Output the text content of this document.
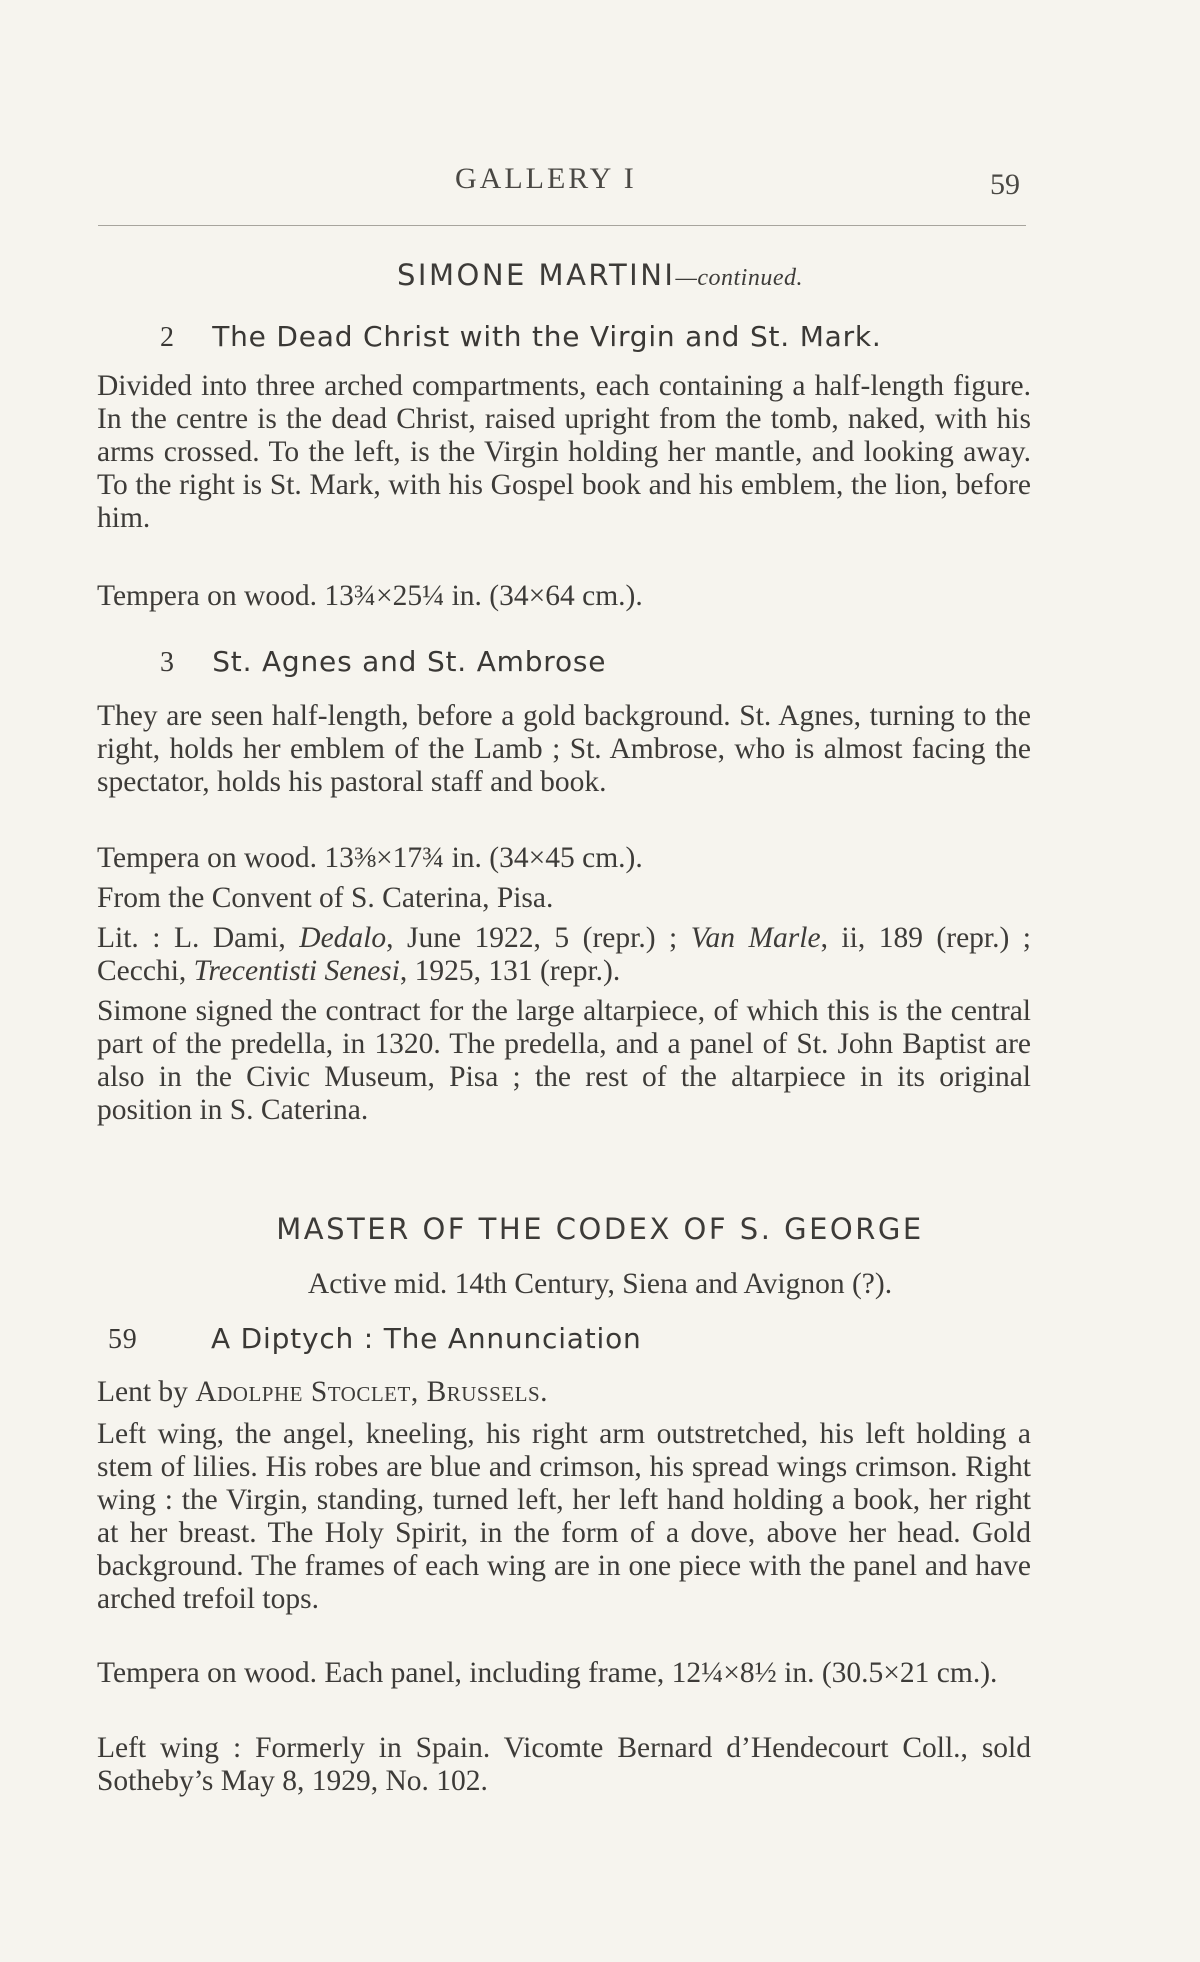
GALLERY I	59
SIMONE MARTINI—continued.
2 The Dead Christ with the Virgin and St. Mark.
Divided into three arched compartments, each containing a half-length figure. In the centre is the dead Christ, raised upright from the tomb, naked, with his arms crossed. To the left, is the Virgin holding her mantle, and looking away. To the right is St. Mark, with his Gospel book and his emblem, the lion, before him.
Tempera on wood. 13¾×25¼ in. (34×64 cm.).
3 St. Agnes and St. Ambrose
They are seen half-length, before a gold background. St. Agnes, turning to the right, holds her emblem of the Lamb ; St. Ambrose, who is almost facing the spectator, holds his pastoral staff and book.
Tempera on wood. 13⅜×17¾ in. (34×45 cm.).
From the Convent of S. Caterina, Pisa.
Lit. : L. Dami, Dedalo, June 1922, 5 (repr.) ; Van Marle, ii, 189 (repr.) ; Cecchi, Trecentisti Senesi, 1925, 131 (repr.).
Simone signed the contract for the large altarpiece, of which this is the central part of the predella, in 1320. The predella, and a panel of St. John Baptist are also in the Civic Museum, Pisa ; the rest of the altarpiece in its original position in S. Caterina.
MASTER OF THE CODEX OF S. GEORGE
Active mid. 14th Century, Siena and Avignon (?).
59	A Diptych : The Annunciation
Lent by Adolphe Stoclet, Brussels.
Left wing, the angel, kneeling, his right arm outstretched, his left holding a stem of lilies. His robes are blue and crimson, his spread wings crimson. Right wing : the Virgin, standing, turned left, her left hand holding a book, her right at her breast. The Holy Spirit, in the form of a dove, above her head. Gold background. The frames of each wing are in one piece with the panel and have arched trefoil tops.
Tempera on wood. Each panel, including frame, 12¼×8½ in. (30.5×21 cm.).
Left wing : Formerly in Spain. Vicomte Bernard d’Hendecourt Coll., sold Sotheby’s May 8, 1929, No. 102.
